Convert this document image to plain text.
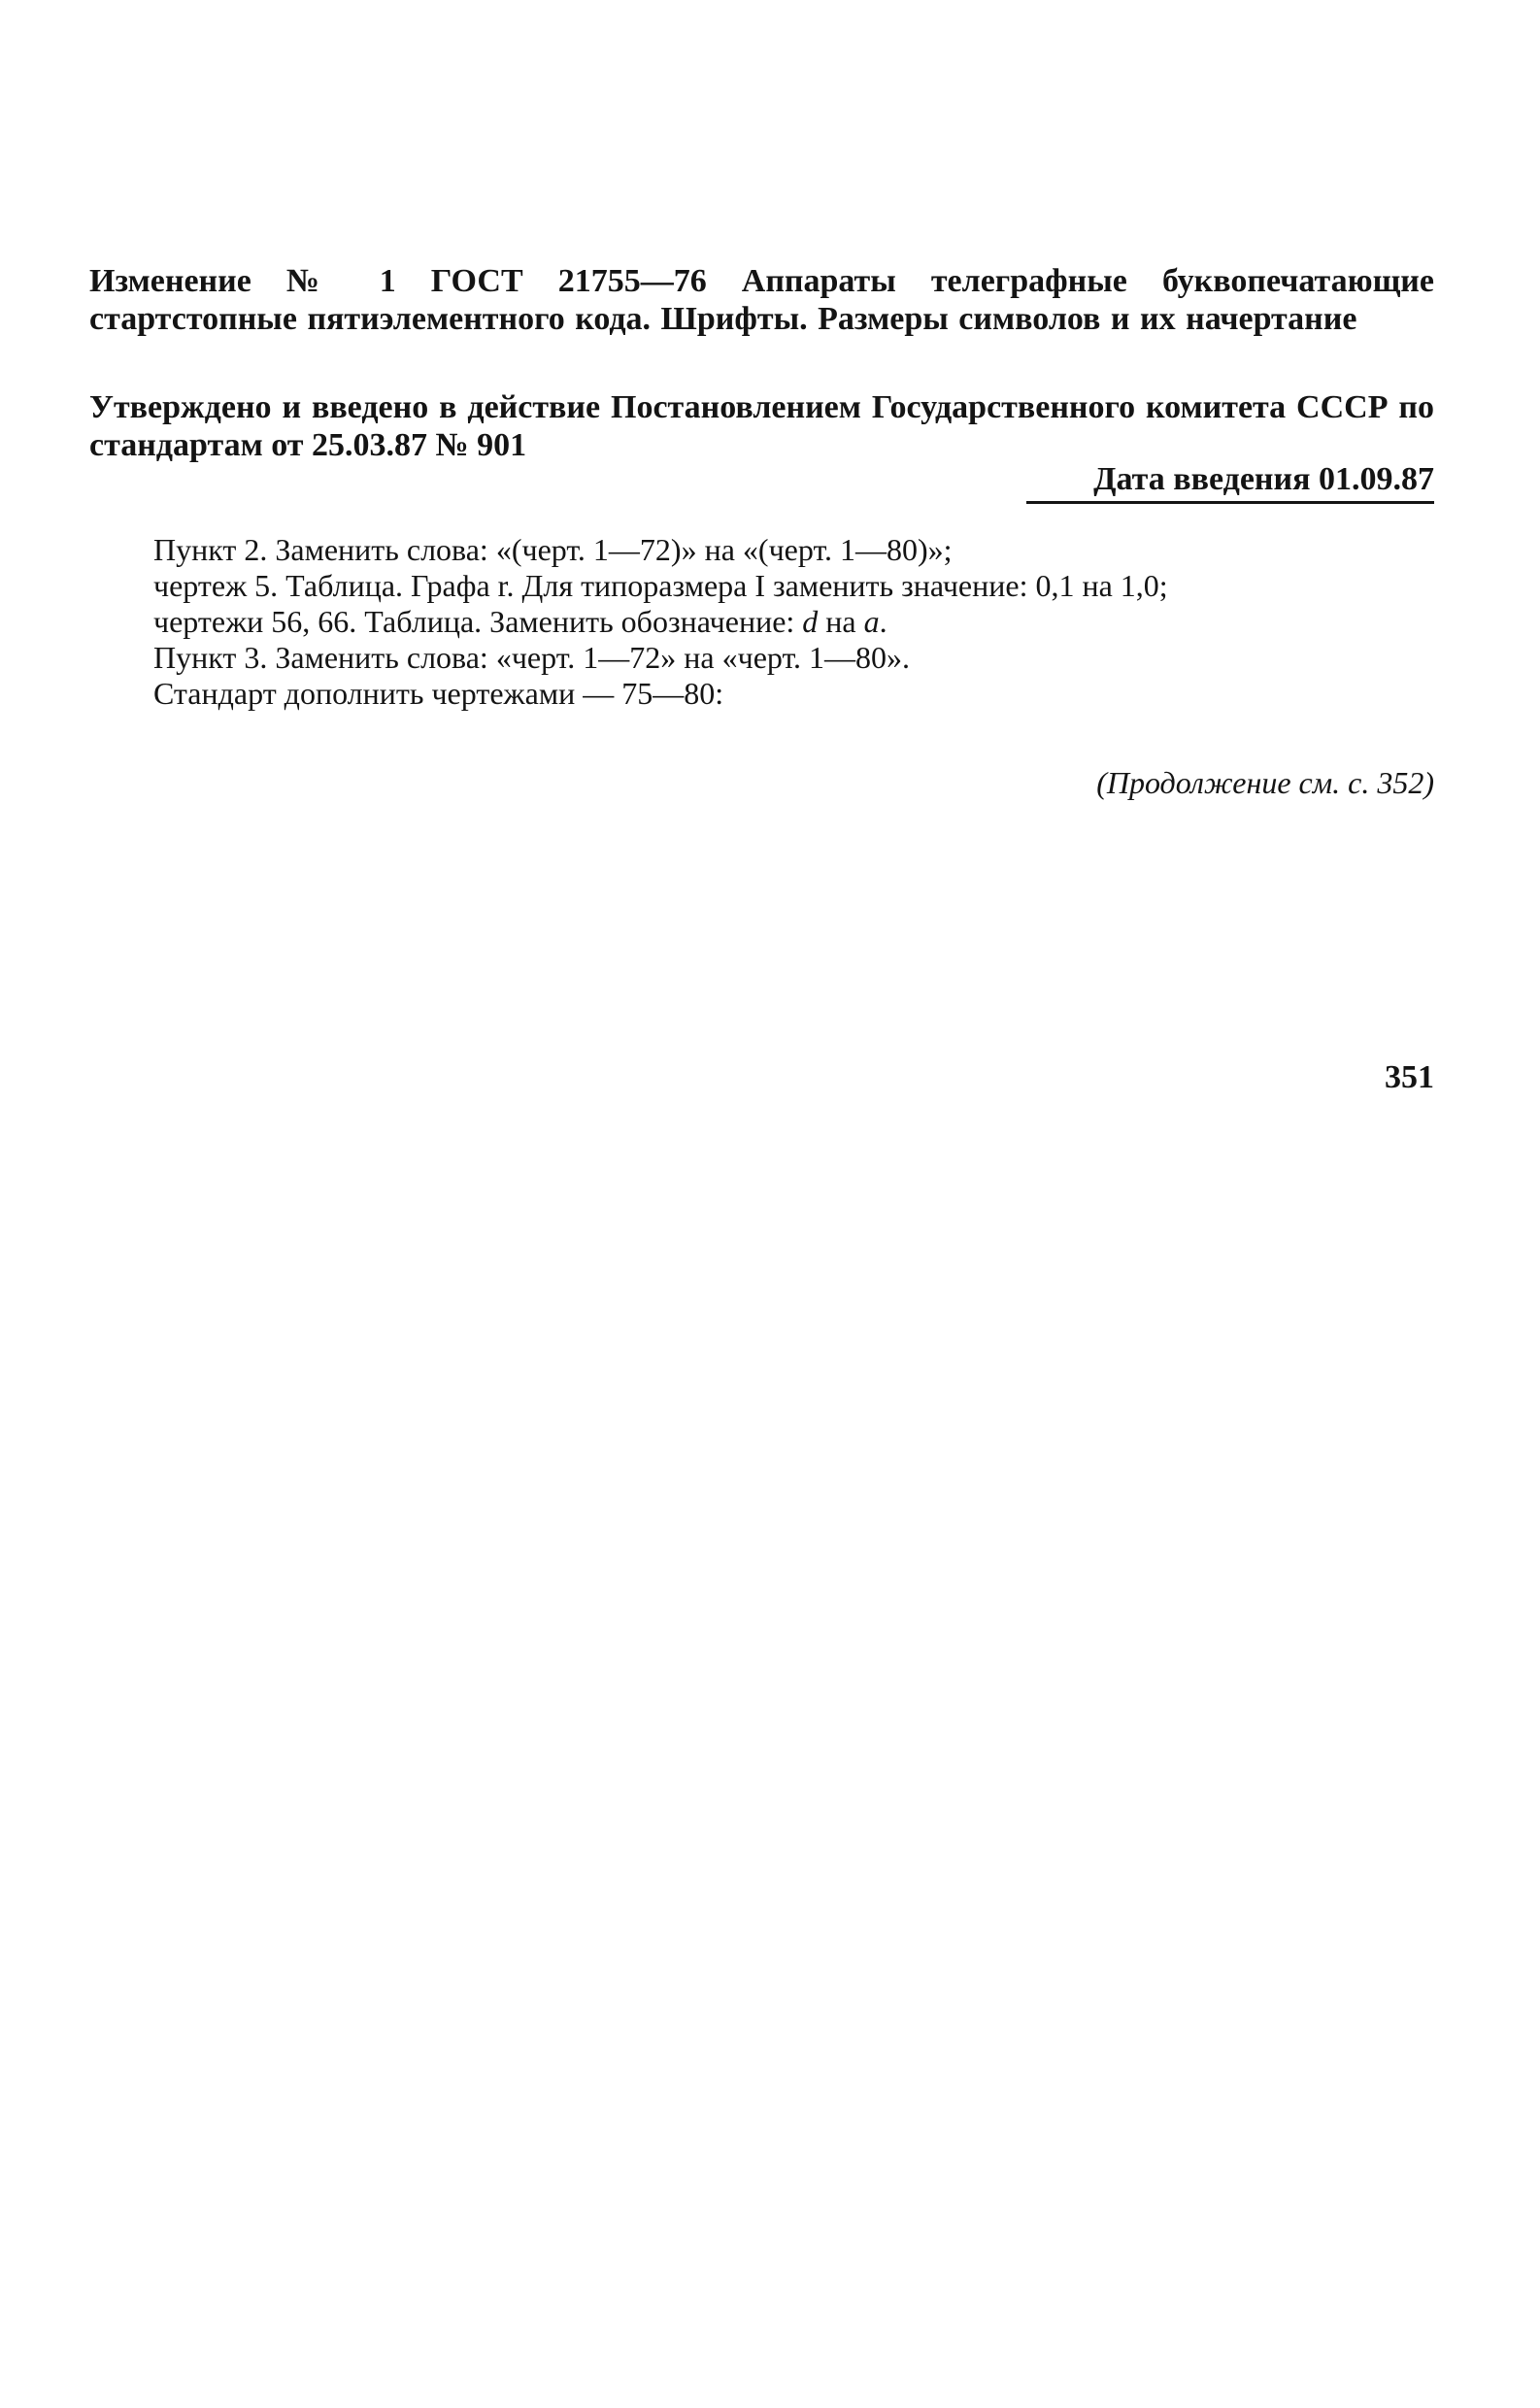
Изменение № 1 ГОСТ 21755—76 Аппараты телеграфные буквопечатающие стартстопные пятиэлементного кода. Шрифты. Размеры символов и их начертание
Утверждено и введено в действие Постановлением Государственного комитета СССР по стандартам от 25.03.87 № 901
Дата введения 01.09.87

Пункт 2. Заменить слова: «(черт. 1—72)» на «(черт. 1—80)»;

чертеж 5. Таблица. Графа r. Для типоразмера I заменить значение: 0,1 на 1,0;

чертежи 56, 66. Таблица. Заменить обозначение: d на a.

Пункт 3. Заменить слова: «черт. 1—72» на «черт. 1—80».

Стандарт дополнить чертежами — 75—80:

(Продолжение см. с. 352)
351
